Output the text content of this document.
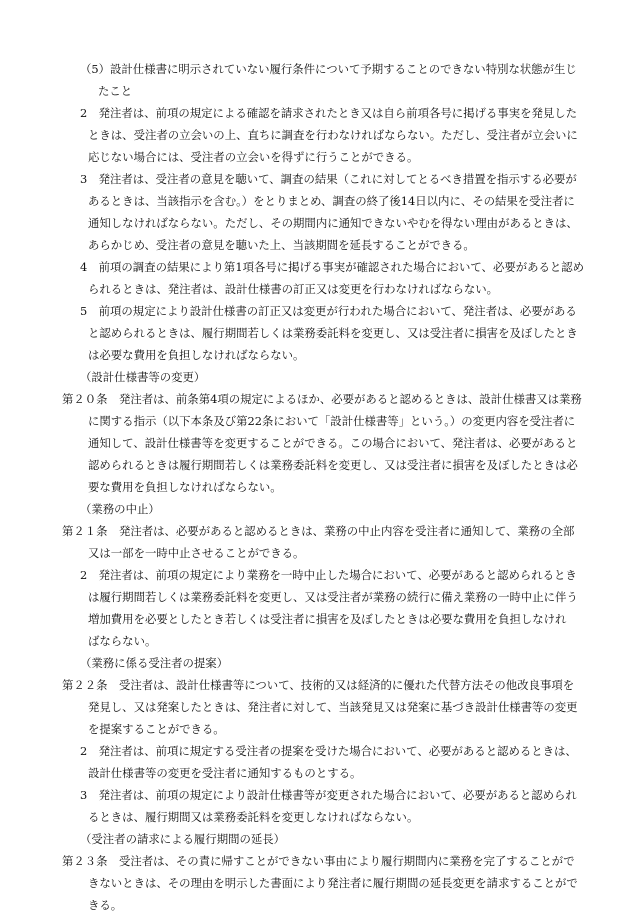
（5）設計仕様書に明示されていない履行条件について予期することのできない特別な状態が生じ
たこと
2　発注者は、前項の規定による確認を請求されたとき又は自ら前項各号に掲げる事実を発見した
ときは、受注者の立会いの上、直ちに調査を行わなければならない。ただし、受注者が立会いに
応じない場合には、受注者の立会いを得ずに行うことができる。
3　発注者は、受注者の意見を聴いて、調査の結果（これに対してとるべき措置を指示する必要が
あるときは、当該指示を含む。）をとりまとめ、調査の終了後14日以内に、その結果を受注者に
通知しなければならない。ただし、その期間内に通知できないやむを得ない理由があるときは、
あらかじめ、受注者の意見を聴いた上、当該期間を延長することができる。
4　前項の調査の結果により第1項各号に掲げる事実が確認された場合において、必要があると認め
られるときは、発注者は、設計仕様書の訂正又は変更を行わなければならない。
5　前項の規定により設計仕様書の訂正又は変更が行われた場合において、発注者は、必要がある
と認められるときは、履行期間若しくは業務委託料を変更し、又は受注者に損害を及ぼしたとき
は必要な費用を負担しなければならない。
（設計仕様書等の変更）
第２０条　発注者は、前条第4項の規定によるほか、必要があると認めるときは、設計仕様書又は業務
に関する指示（以下本条及び第22条において「設計仕様書等」という。）の変更内容を受注者に
通知して、設計仕様書等を変更することができる。この場合において、発注者は、必要があると
認められるときは履行期間若しくは業務委託料を変更し、又は受注者に損害を及ぼしたときは必
要な費用を負担しなければならない。
（業務の中止）
第２１条　発注者は、必要があると認めるときは、業務の中止内容を受注者に通知して、業務の全部
又は一部を一時中止させることができる。
2　発注者は、前項の規定により業務を一時中止した場合において、必要があると認められるとき
は履行期間若しくは業務委託料を変更し、又は受注者が業務の続行に備え業務の一時中止に伴う
増加費用を必要としたとき若しくは受注者に損害を及ぼしたときは必要な費用を負担しなけれ
ばならない。
（業務に係る受注者の提案）
第２２条　受注者は、設計仕様書等について、技術的又は経済的に優れた代替方法その他改良事項を
発見し、又は発案したときは、発注者に対して、当該発見又は発案に基づき設計仕様書等の変更
を提案することができる。
2　発注者は、前項に規定する受注者の提案を受けた場合において、必要があると認めるときは、
設計仕様書等の変更を受注者に通知するものとする。
3　発注者は、前項の規定により設計仕様書等が変更された場合において、必要があると認められ
るときは、履行期間又は業務委託料を変更しなければならない。
（受注者の請求による履行期間の延長）
第２３条　受注者は、その責に帰すことができない事由により履行期間内に業務を完了することがで
きないときは、その理由を明示した書面により発注者に履行期間の延長変更を請求することがで
きる。
